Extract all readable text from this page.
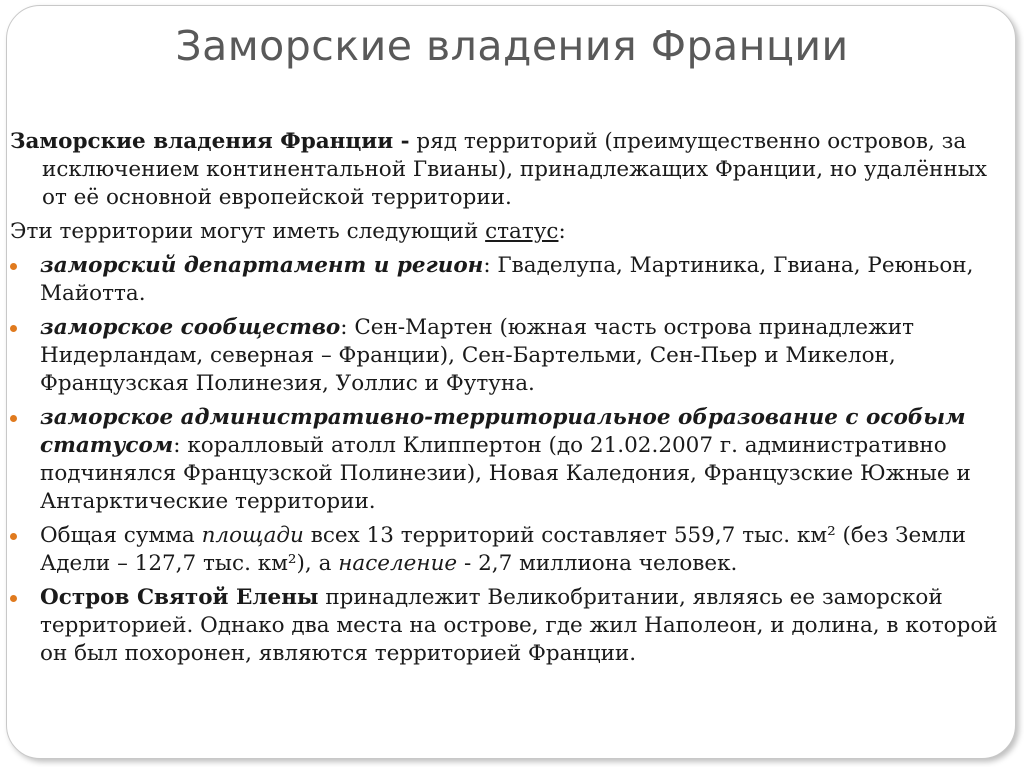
Заморские владения Франции

Заморские владения Франции - ряд территорий (преимущественно островов, за исключением континентальной Гвианы), принадлежащих Франции, но удалённых от её основной европейской территории.

Эти территории могут иметь следующий статус:

заморский департамент и регион: Гваделупа, Мартиника, Гвиана, Реюньон, Майотта.

заморское сообщество: Сен-Мартен (южная часть острова принадлежит Нидерландам, северная – Франции), Сен-Бартельми, Сен-Пьер и Микелон, Французская Полинезия, Уоллис и Футуна.

заморское административно-территориальное образование с особым статусом: коралловый атолл Клиппертон (до 21.02.2007 г. административно подчинялся Французской Полинезии), Новая Каледония, Французские Южные и Антарктические территории.

Общая сумма площади всех 13 территорий составляет 559,7 тыс. км² (без Земли Адели – 127,7 тыс. км²), а население - 2,7 миллиона человек.

Остров Святой Елены принадлежит Великобритании, являясь ее заморской территорией. Однако два места на острове, где жил Наполеон, и долина, в которой он был похоронен, являются территорией Франции.
